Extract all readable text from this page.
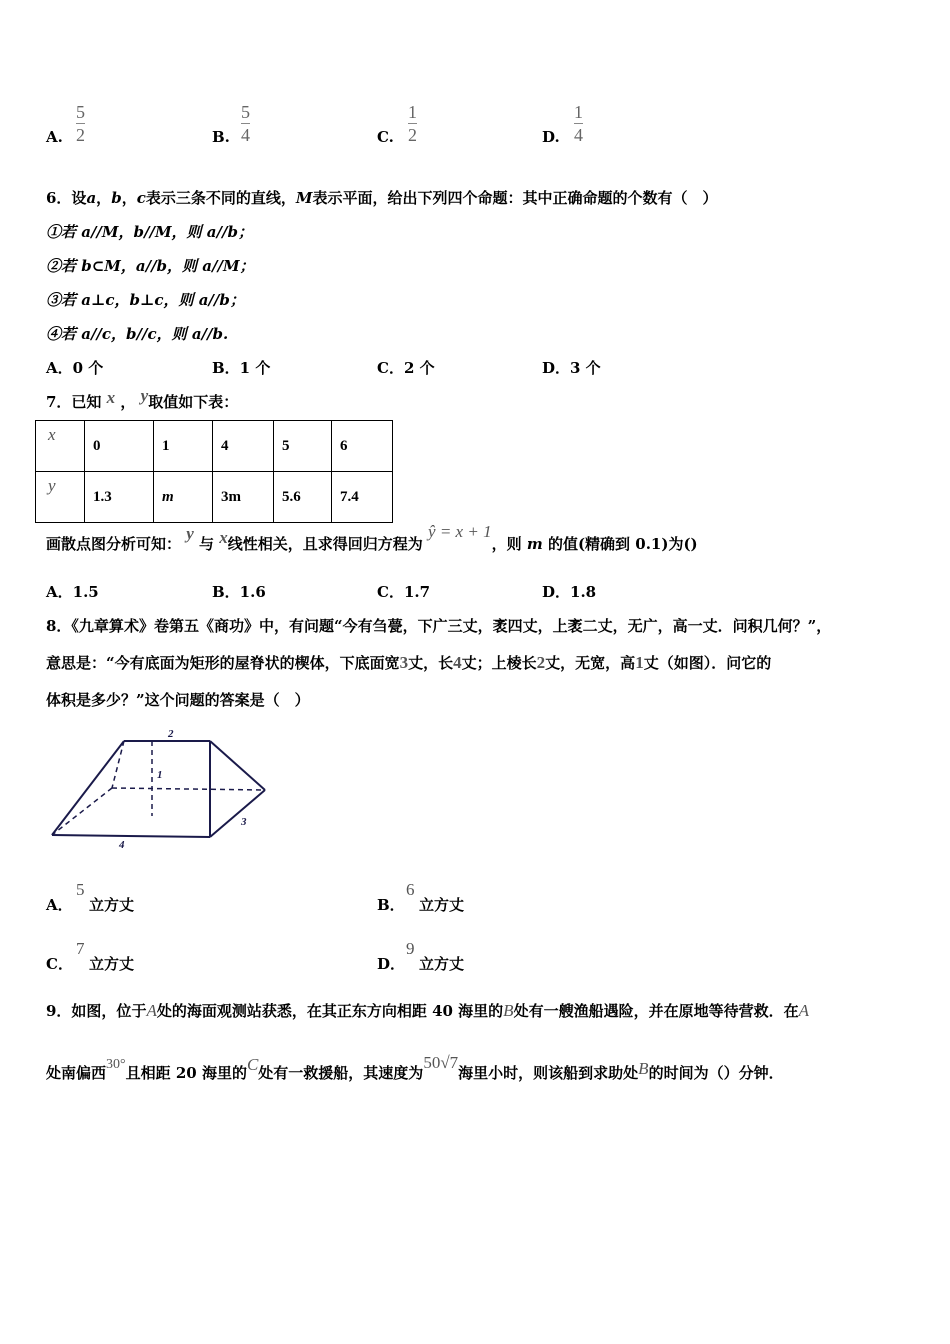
A.
5
2	B.
5
4	C.
1
2	D.
1
4
6．设a，b，c表示三条不同的直线，M表示平面，给出下列四个命题：其中正确命题的个数有（　）
①若 a//M，b//M，则 a//b；
②若 b⊂M，a//b，则 a//M；
③若 a⊥c，b⊥c，则 a//b；
④若 a//c，b//c，则 a//b.
A．0 个	B．1 个	C．2 个	D．3 个
7．已知 x ， y取值如下表：
x	0	1	4	5	6
y	1.3	m	3m	5.6	7.4
画散点图分析可知： y 与 x线性相关，且求得回归方程为 ŷ = x + 1，则 m 的值(精确到 0.1)为()
A．1.5	B．1.6	C．1.7	D．1.8
8．《九章算术》卷第五《商功》中，有问题“今有刍甍，下广三丈，袤四丈，上袤二丈，无广，高一丈．问积几何？”，
意思是：“今有底面为矩形的屋脊状的楔体，下底面宽3丈，长4丈；上棱长2丈，无宽，高1丈（如图）．问它的
体积是多少？”这个问题的答案是（　）
2
1
3
4
A．
5
立方丈	B．
6
立方丈
C．
7
立方丈	D．
9
立方丈
9．如图，位于A处的海面观测站获悉，在其正东方向相距 40 海里的B处有一艘渔船遇险，并在原地等待营救．在A
处南偏西30°且相距 20 海里的C处有一救援船，其速度为50√7海里小时，则该船到求助处B的时间为（）分钟．
